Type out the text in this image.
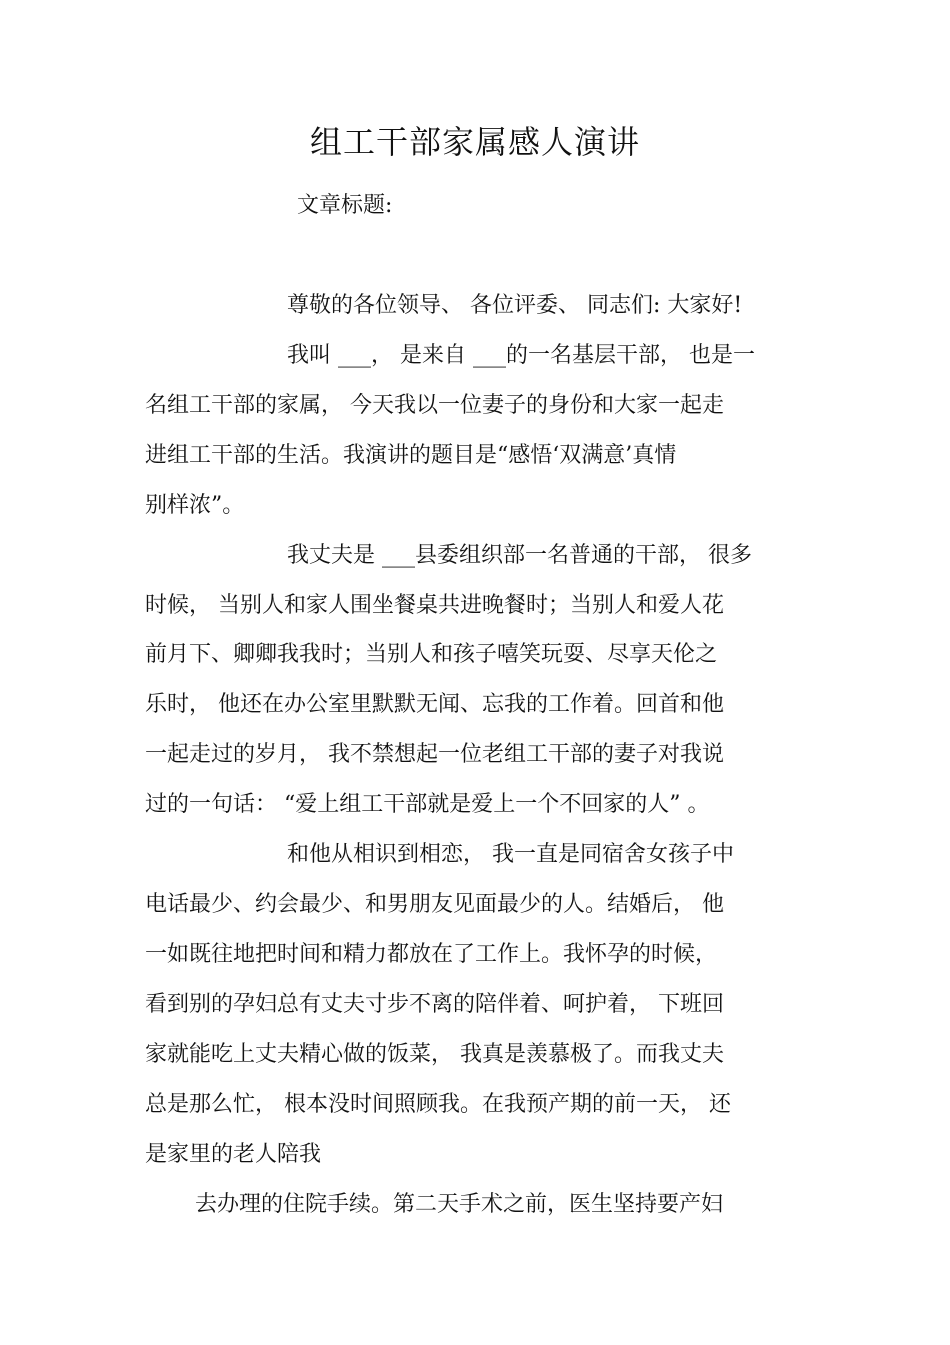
组工干部家属感人演讲
文章标题:
尊敬的各位领导、 各位评委、 同志们: 大家好!
我叫 ___， 是来自 ___的一名基层干部， 也是一
名组工干部的家属， 今天我以一位妻子的身份和大家一起走
进组工干部的生活。我演讲的题目是“感悟‘双满意’真情
别样浓”。
我丈夫是 ___县委组织部一名普通的干部， 很多
时候， 当别人和家人围坐餐桌共进晚餐时；当别人和爱人花
前月下、卿卿我我时；当别人和孩子嘻笑玩耍、尽享天伦之
乐时， 他还在办公室里默默无闻、忘我的工作着。回首和他
一起走过的岁月， 我不禁想起一位老组工干部的妻子对我说
过的一句话： “爱上组工干部就是爱上一个不回家的人” 。
和他从相识到相恋， 我一直是同宿舍女孩子中
电话最少、约会最少、和男朋友见面最少的人。结婚后， 他
一如既往地把时间和精力都放在了工作上。我怀孕的时候，
看到别的孕妇总有丈夫寸步不离的陪伴着、呵护着， 下班回
家就能吃上丈夫精心做的饭菜， 我真是羡慕极了。而我丈夫
总是那么忙， 根本没时间照顾我。在我预产期的前一天， 还
是家里的老人陪我
去办理的住院手续。第二天手术之前，医生坚持要产妇
